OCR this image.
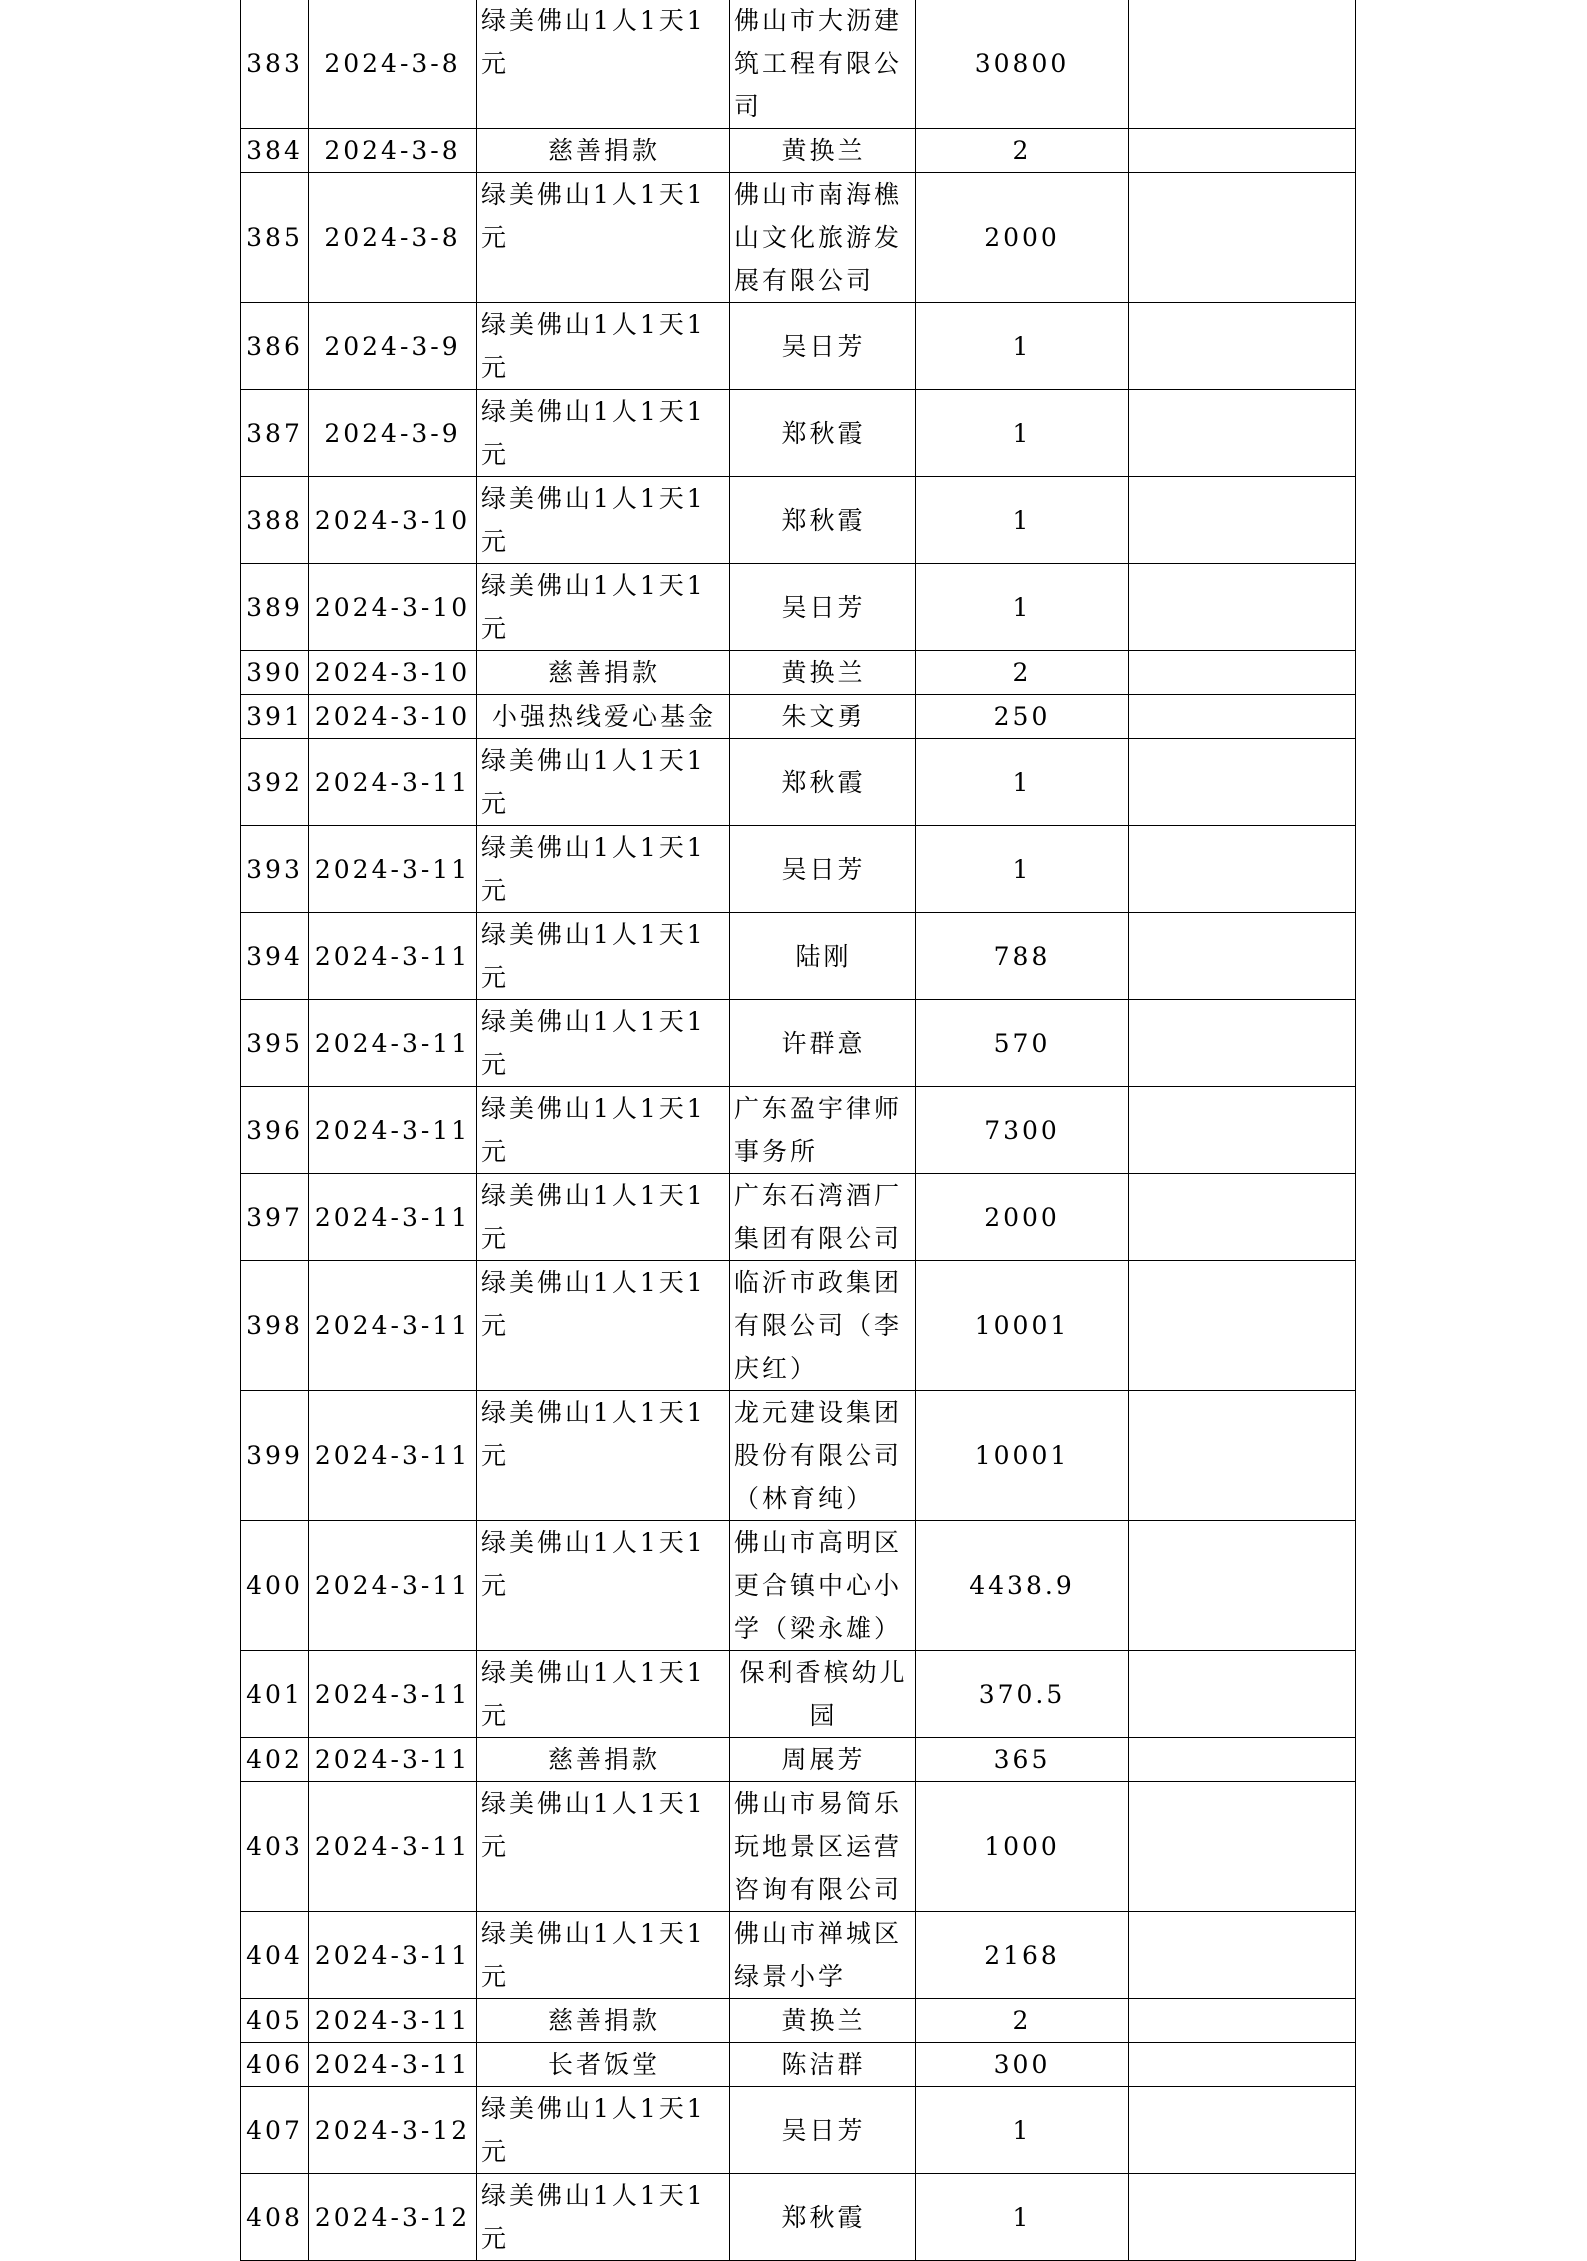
383	2024-3-8	绿美佛山1人1天1元	佛山市大沥建筑工程有限公司	30800	
384	2024-3-8	慈善捐款	黄换兰	2	
385	2024-3-8	绿美佛山1人1天1元	佛山市南海樵山文化旅游发展有限公司	2000	
386	2024-3-9	绿美佛山1人1天1元	吴日芳	1	
387	2024-3-9	绿美佛山1人1天1元	郑秋霞	1	
388	2024-3-10	绿美佛山1人1天1元	郑秋霞	1	
389	2024-3-10	绿美佛山1人1天1元	吴日芳	1	
390	2024-3-10	慈善捐款	黄换兰	2	
391	2024-3-10	小强热线爱心基金	朱文勇	250	
392	2024-3-11	绿美佛山1人1天1元	郑秋霞	1	
393	2024-3-11	绿美佛山1人1天1元	吴日芳	1	
394	2024-3-11	绿美佛山1人1天1元	陆刚	788	
395	2024-3-11	绿美佛山1人1天1元	许群意	570	
396	2024-3-11	绿美佛山1人1天1元	广东盈宇律师事务所	7300	
397	2024-3-11	绿美佛山1人1天1元	广东石湾酒厂集团有限公司	2000	
398	2024-3-11	绿美佛山1人1天1元	临沂市政集团有限公司（李庆红）	10001	
399	2024-3-11	绿美佛山1人1天1元	龙元建设集团股份有限公司（林育纯）	10001	
400	2024-3-11	绿美佛山1人1天1元	佛山市高明区更合镇中心小学（梁永雄）	4438.9	
401	2024-3-11	绿美佛山1人1天1元	保利香槟幼儿园	370.5	
402	2024-3-11	慈善捐款	周展芳	365	
403	2024-3-11	绿美佛山1人1天1元	佛山市易简乐玩地景区运营咨询有限公司	1000	
404	2024-3-11	绿美佛山1人1天1元	佛山市禅城区绿景小学	2168	
405	2024-3-11	慈善捐款	黄换兰	2	
406	2024-3-11	长者饭堂	陈洁群	300	
407	2024-3-12	绿美佛山1人1天1元	吴日芳	1	
408	2024-3-12	绿美佛山1人1天1元	郑秋霞	1	
